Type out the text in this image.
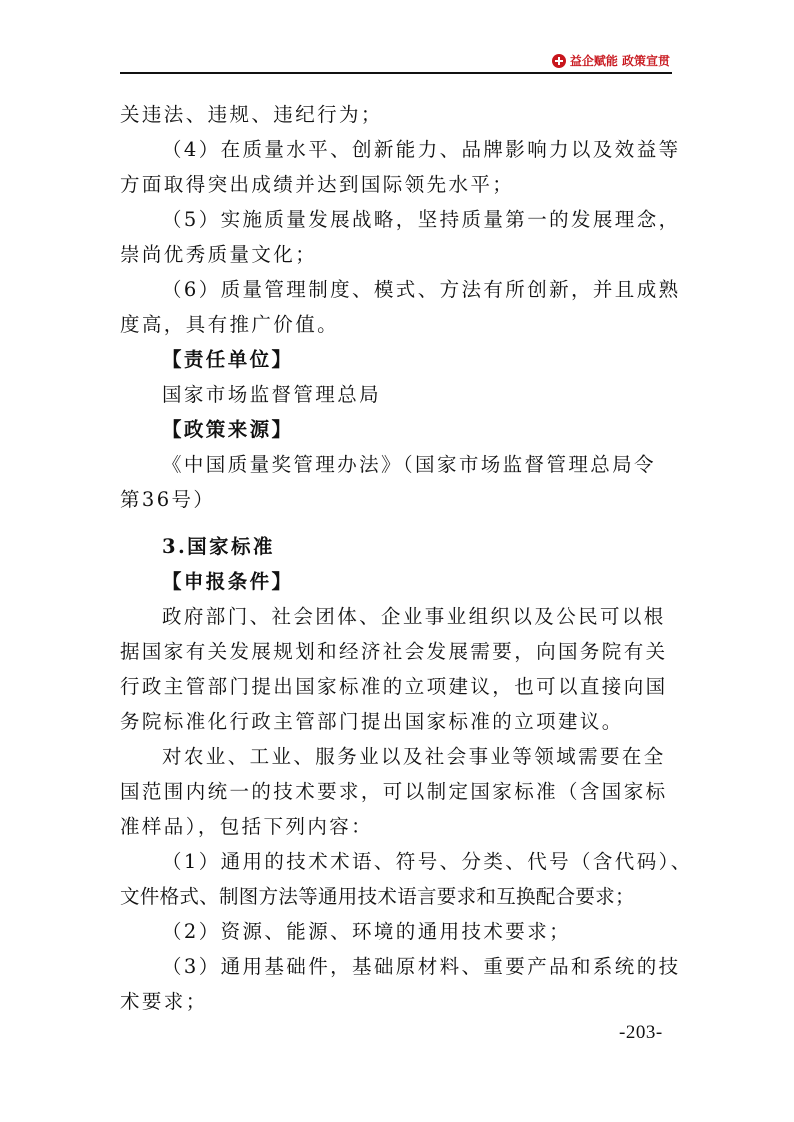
益企赋能 政策宣贯
关违法、违规、违纪行为；
（4）在质量水平、创新能力、品牌影响力以及效益等
方面取得突出成绩并达到国际领先水平；
（5）实施质量发展战略，坚持质量第一的发展理念，
崇尚优秀质量文化；
（6）质量管理制度、模式、方法有所创新，并且成熟
度高，具有推广价值。
【责任单位】
国家市场监督管理总局
【政策来源】
《中国质量奖管理办法》（国家市场监督管理总局令
第36号）
3.国家标准
【申报条件】
政府部门、社会团体、企业事业组织以及公民可以根
据国家有关发展规划和经济社会发展需要，向国务院有关
行政主管部门提出国家标准的立项建议，也可以直接向国
务院标准化行政主管部门提出国家标准的立项建议。
对农业、工业、服务业以及社会事业等领域需要在全
国范围内统一的技术要求，可以制定国家标准（含国家标
准样品），包括下列内容：
（1）通用的技术术语、符号、分类、代号（含代码）、
文件格式、制图方法等通用技术语言要求和互换配合要求；
（2）资源、能源、环境的通用技术要求；
（3）通用基础件，基础原材料、重要产品和系统的技
术要求；
-203-
